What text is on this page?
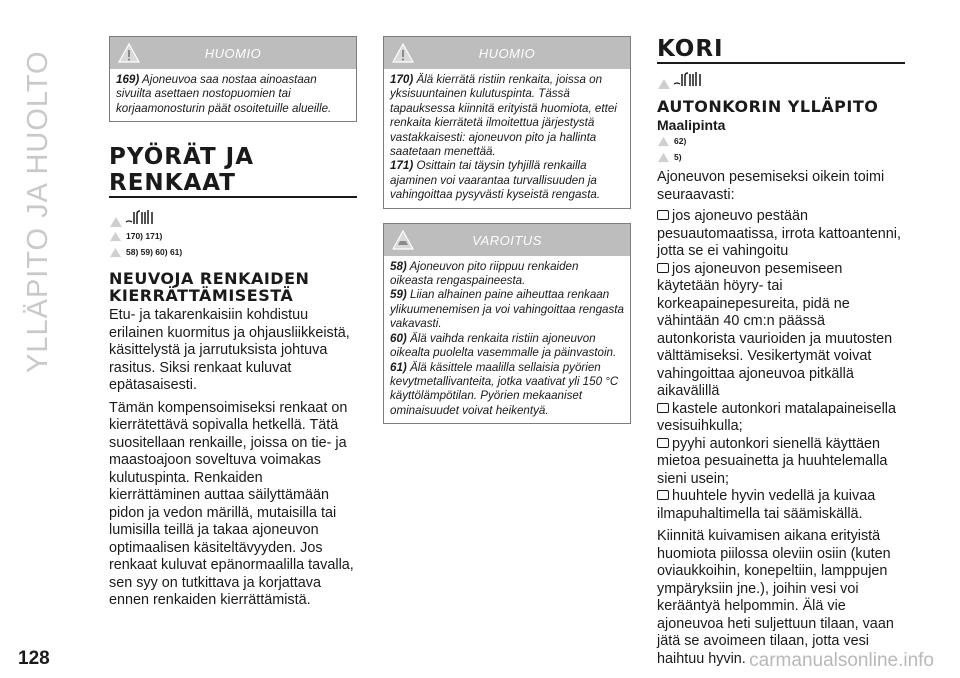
YLLÄPITO JA HUOLTO	HUOMIO

169) Ajoneuvoa saa nostaa ainoastaan sivuilta asettaen nostopuomien tai korjaamonosturin päät osoitetuille alueille.

PYÖRÄT JA
RENKAAT
170) 171)
58) 59) 60) 61)
NEUVOJA RENKAIDEN
KIERRÄTTÄMISESTÄ

Etu- ja takarenkaisiin kohdistuu erilainen kuormitus ja ohjausliikkeistä, käsittelystä ja jarrutuksista johtuva rasitus. Siksi renkaat kuluvat epätasaisesti.

Tämän kompensoimiseksi renkaat on kierrätettävä sopivalla hetkellä. Tätä suositellaan renkaille, joissa on tie- ja maastoajoon soveltuva voimakas kulutuspinta. Renkaiden kierrättäminen auttaa säilyttämään pidon ja vedon märillä, mutaisilla tai lumisilla teillä ja takaa ajoneuvon optimaalisen käsiteltävyyden. Jos renkaat kuluvat epänormaalilla tavalla, sen syy on tutkittava ja korjattava ennen renkaiden kierrättämistä.

HUOMIO

170) Älä kierrätä ristiin renkaita, joissa on yksisuuntainen kulutuspinta. Tässä tapauksessa kiinnitä erityistä huomiota, ettei renkaita kierrätetä ilmoitettua järjestystä vastakkaisesti: ajoneuvon pito ja hallinta saatetaan menettää.

171) Osittain tai täysin tyhjillä renkailla ajaminen voi vaarantaa turvallisuuden ja vahingoittaa pysyvästi kyseistä rengasta.

VAROITUS

58) Ajoneuvon pito riippuu renkaiden oikeasta rengaspaineesta.

59) Liian alhainen paine aiheuttaa renkaan ylikuumenemisen ja voi vahingoittaa rengasta vakavasti.

60) Älä vaihda renkaita ristiin ajoneuvon oikealta puolelta vasemmalle ja päinvastoin.

61) Älä käsittele maalilla sellaisia pyörien kevytmetallivanteita, jotka vaativat yli 150 °C käyttölämpötilan. Pyörien mekaaniset ominaisuudet voivat heikentyä.

KORI
AUTONKORIN YLLÄPITO
Maalipinta
62)
5)

Ajoneuvon pesemiseksi oikein toimi seuraavasti:

jos ajoneuvo pestään pesuautomaatissa, irrota kattoantenni, jotta se ei vahingoitu

jos ajoneuvon pesemiseen käytetään höyry- tai korkeapainepesureita, pidä ne vähintään 40 cm:n päässä autonkorista vaurioiden ja muutosten välttämiseksi. Vesikertymät voivat vahingoittaa ajoneuvoa pitkällä aikavälillä

kastele autonkori matalapaineisella vesisuihkulla;

pyyhi autonkori sienellä käyttäen mietoa pesuainetta ja huuhtelemalla sieni usein;

huuhtele hyvin vedellä ja kuivaa ilmapuhaltimella tai säämiskällä.

Kiinnitä kuivamisen aikana erityistä huomiota piilossa oleviin osiin (kuten oviaukkoihin, konepeltiin, lamppujen ympäryksiin jne.), joihin vesi voi kerääntyä helpommin. Älä vie ajoneuvoa heti suljettuun tilaan, vaan jätä se avoimeen tilaan, jotta vesi haihtuu hyvin.

128	carmanualsonline.info
